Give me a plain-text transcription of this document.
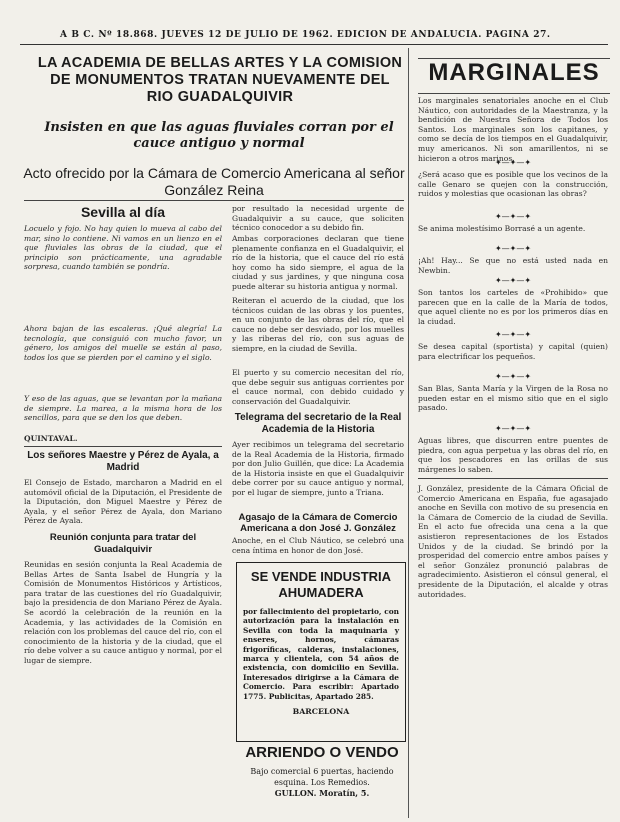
A B C. Nº 18.868. JUEVES 12 DE JULIO DE 1962. EDICION DE ANDALUCIA. PAGINA 27.
LA ACADEMIA DE BELLAS ARTES Y LA COMISION
DE MONUMENTOS TRATAN NUEVAMENTE DEL
RIO GUADALQUIVIR
Insisten en que las aguas fluviales corran por el cauce antiguo y normal
Acto ofrecido por la Cámara de Comercio Americana al señor González Reina
Sevilla al día
Locuelo y fojo. No hay quien lo mueva al cabo del mar, sino lo contiene. Ni vamos en un lienzo en el que fluviales las obras de la ciudad, que el principio son prácticamente, una agradable sorpresa, cuando también se pondría.
Ahora bajan de las escaleras. ¡Qué alegría! La tecnología, que consiguió con mucho favor, un género, los amigos del muelle se están al paso, todos los que se pierden por el camino y el siglo.
Y eso de las aguas, que se levantan por la mañana de siempre. La marea, a la misma hora de los sencillos, para que se den los que deben.
QUINTAVAL.
Los señores Maestre y Pérez de Ayala, a Madrid
El Consejo de Estado, marcharon a Madrid en el automóvil oficial de la Diputación, el Presidente de la Diputación, don Miguel Maestre y Pérez de Ayala, y el señor Pérez de Ayala, don Mariano Pérez de Ayala.
Reunión conjunta para tratar del Guadalquivir
Reunidas en sesión conjunta la Real Academia de Bellas Artes de Santa Isabel de Hungría y la Comisión de Monumentos Históricos y Artísticos, para tratar de las cuestiones del río Guadalquivir, bajo la presidencia de don Mariano Pérez de Ayala. Se acordó la celebración de la reunión en la Academia, y las actividades de la Comisión en relación con los problemas del cauce del río, con el conocimiento de la historia y de la ciudad, que el río debe volver a su cauce antiguo y normal, por el lugar de siempre.
por resultado la necesidad urgente de Guadalquivir a su cauce, que soliciten técnico conocedor a su debido fin.
Ambas corporaciones declaran que tiene plenamente confianza en el Guadalquivir, el río de la historia, que el cauce del río está hoy como ha sido siempre, el agua de la ciudad y sus jardines, y que ninguna cosa puede alterar su historia antigua y normal.
Reiteran el acuerdo de la ciudad, que los técnicos cuidan de las obras y los puentes, en un conjunto de las obras del río, que el cauce no debe ser desviado, por los muelles y las riberas del río, con sus aguas de siempre, en la ciudad de Sevilla.
El puerto y su comercio necesitan del río, que debe seguir sus antiguas corrientes por el cauce normal, con debido cuidado y conservación del Guadalquivir.
Telegrama del secretario de la Real Academia de la Historia
Ayer recibimos un telegrama del secretario de la Real Academia de la Historia, firmado por don Julio Guillén, que dice: La Academia de la Historia insiste en que el Guadalquivir debe correr por su cauce antiguo y normal, por el lugar de siempre, junto a Triana.
Agasajo de la Cámara de Comercio Americana a don José J. González
Anoche, en el Club Náutico, se celebró una cena íntima en honor de don José.
SE VENDE INDUSTRIA AHUMADERA
por fallecimiento del propietario, con autorización para la instalación en Sevilla con toda la maquinaria y enseres, hornos, cámaras frigoríficas, calderas, instalaciones, marca y clientela, con 54 años de existencia, con domicilio en Sevilla. Interesados dirigirse a la Cámara de Comercio. Para escribir: Apartado 1775. Publicitas, Apartado 285.
BARCELONA
ARRIENDO O VENDO
Bajo comercial 6 puertas, haciendo esquina. Los Remedios.
GULLON. Moratín, 5.
MARGINALES
Los marginales senatoriales anoche en el Club Náutico, con autoridades de la Maestranza, y la bendición de Nuestra Señora de Todos los Santos. Los marginales son los capitanes, y como se decía de los tiempos en el Guadalquivir, muy americanos. Ni son amarillentos, ni se hicieron a otros marinos.
✦—✦—✦
¿Será acaso que es posible que los vecinos de la calle Genaro se quejen con la construcción, ruidos y molestias que ocasionan las obras?
✦—✦—✦
Se anima molestísimo Borrasé a un agente.
✦—✦—✦
¡Ah! Hay... Se que no está usted nada en Newbin.
✦—✦—✦
Son tantos los carteles de «Prohibido» que parecen que en la calle de la María de todos, que aquel cliente no es por los primeros días en la ciudad.
✦—✦—✦
Se desea capital (sportista) y capital (quien) para electrificar los pequeños.
✦—✦—✦
San Blas, Santa María y la Virgen de la Rosa no pueden estar en el mismo sitio que en el siglo pasado.
✦—✦—✦
Aguas libres, que discurren entre puentes de piedra, con agua perpetua y las obras del río, en que los pescadores en las orillas de sus márgenes lo saben.
J. González, presidente de la Cámara Oficial de Comercio Americana en España, fue agasajado anoche en Sevilla con motivo de su presencia en la Cámara de Comercio de la ciudad de Sevilla. En el acto fue ofrecida una cena a la que asistieron representaciones de los Estados Unidos y de la ciudad. Se brindó por la prosperidad del comercio entre ambos países y el señor González pronunció palabras de agradecimiento. Asistieron el cónsul general, el presidente de la Diputación, el alcalde y otras autoridades.
